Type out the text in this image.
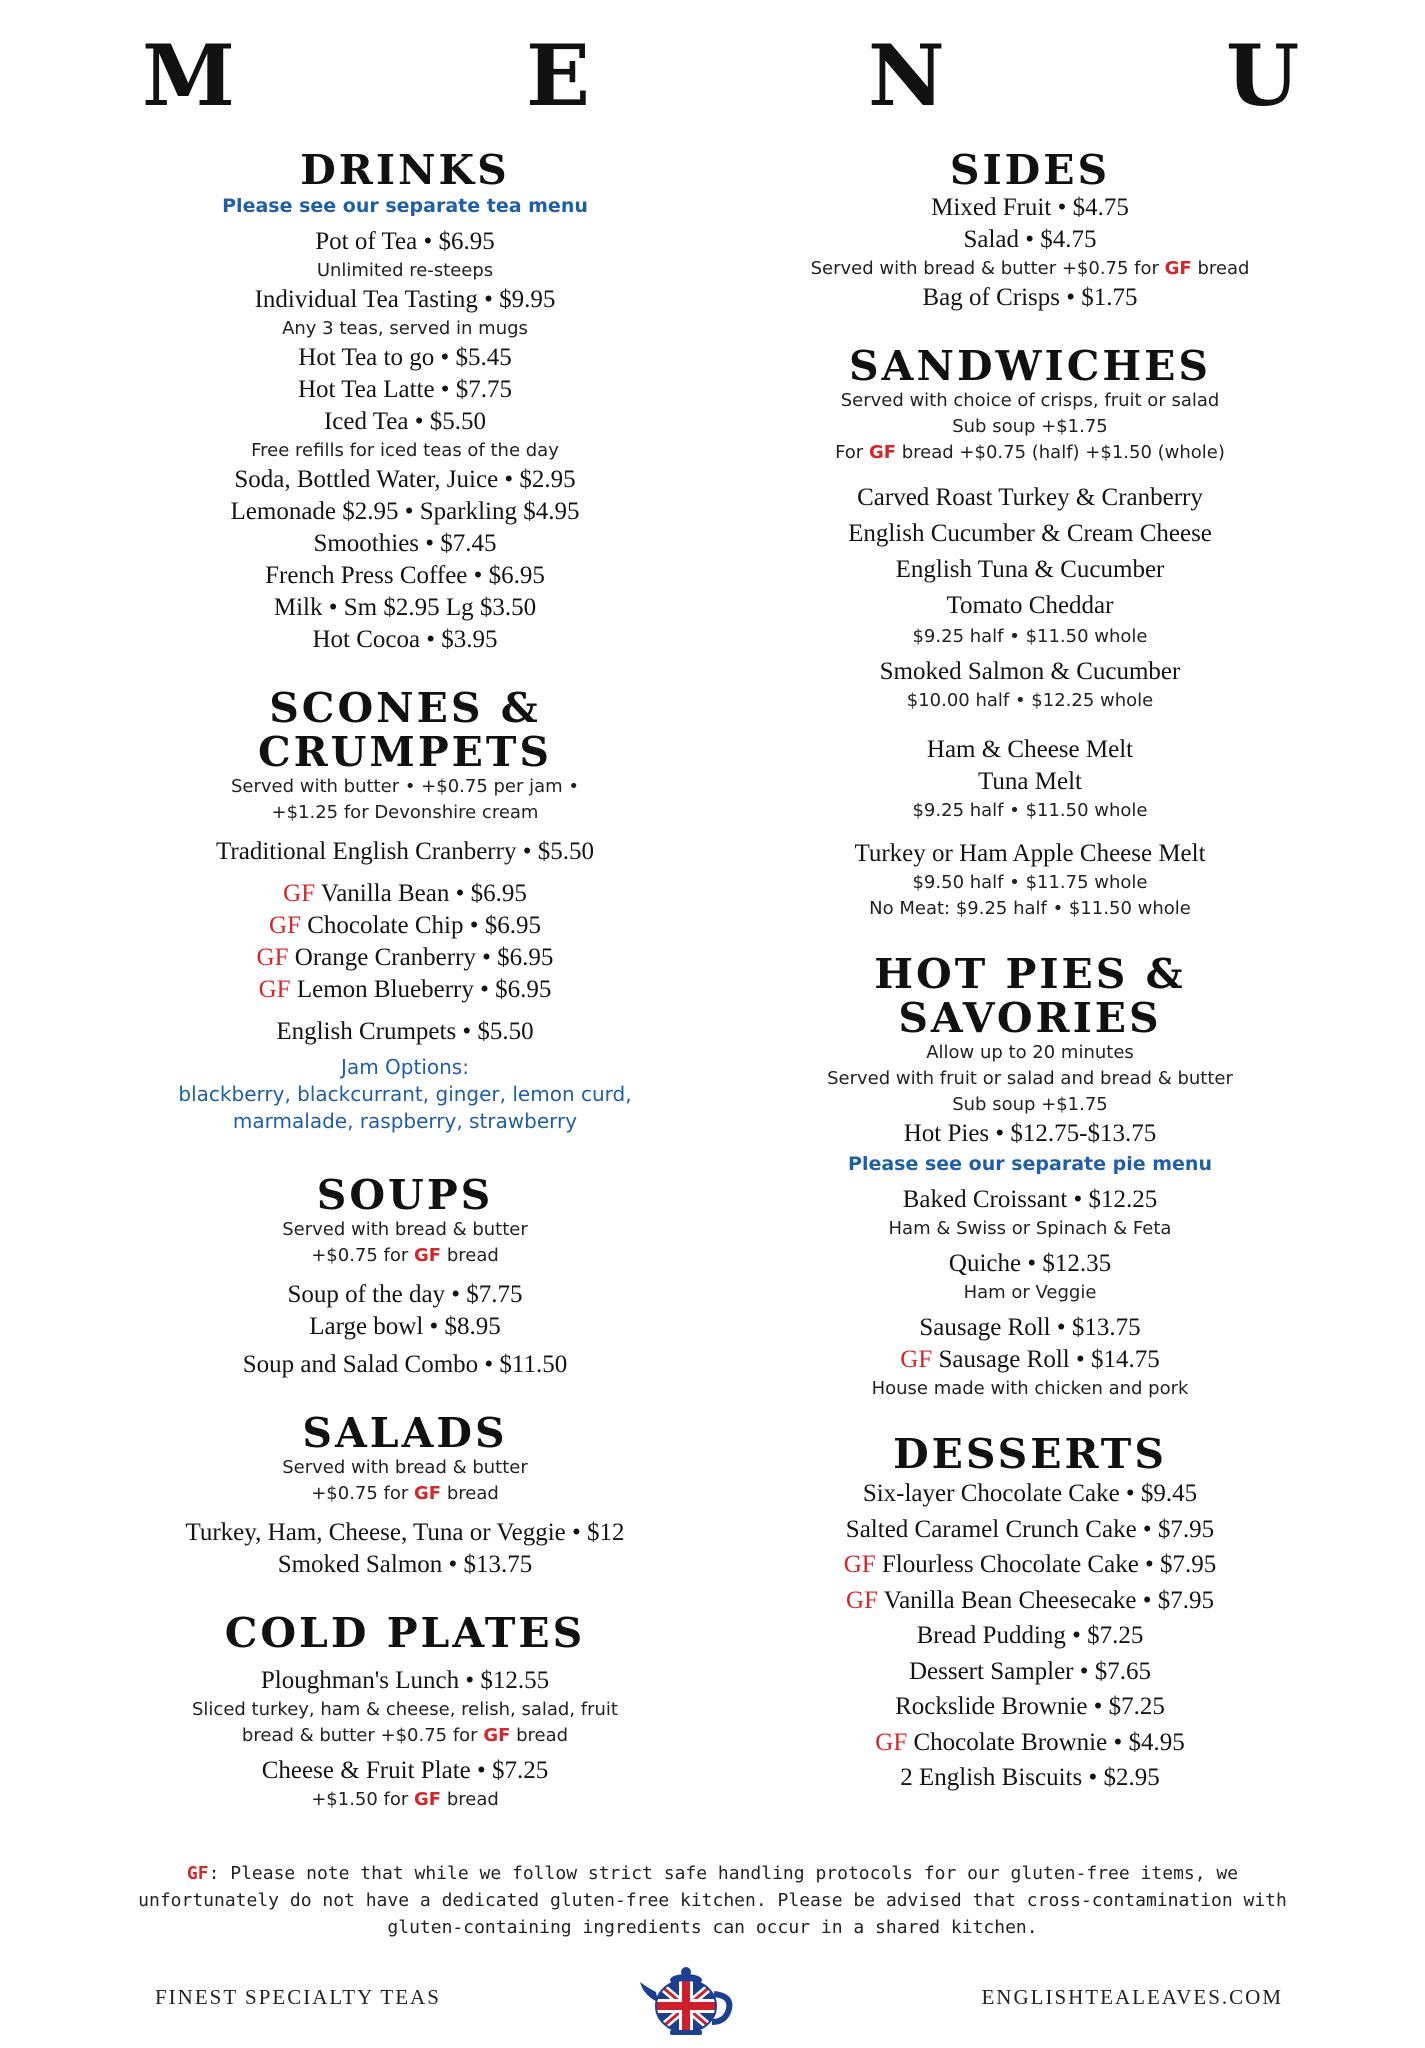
M	E	N	U
DRINKS
Please see our separate tea menu
Pot of Tea • $6.95
Unlimited re-steeps
Individual Tea Tasting • $9.95
Any 3 teas, served in mugs
Hot Tea to go • $5.45
Hot Tea Latte • $7.75
Iced Tea • $5.50
Free refills for iced teas of the day
Soda, Bottled Water, Juice • $2.95
Lemonade $2.95 • Sparkling $4.95
Smoothies • $7.45
French Press Coffee • $6.95
Milk • Sm $2.95 Lg $3.50
Hot Cocoa • $3.95
SCONES & CRUMPETS
Served with butter • +$0.75 per jam •
+$1.25 for Devonshire cream
Traditional English Cranberry • $5.50
GF Vanilla Bean • $6.95
GF Chocolate Chip • $6.95
GF Orange Cranberry • $6.95
GF Lemon Blueberry • $6.95
English Crumpets • $5.50
Jam Options:
blackberry, blackcurrant, ginger, lemon curd,
marmalade, raspberry, strawberry
SOUPS
Served with bread & butter
+$0.75 for GF bread
Soup of the day • $7.75
Large bowl • $8.95
Soup and Salad Combo • $11.50
SALADS
Served with bread & butter
+$0.75 for GF bread
Turkey, Ham, Cheese, Tuna or Veggie • $12
Smoked Salmon • $13.75
COLD PLATES
Ploughman's Lunch • $12.55
Sliced turkey, ham & cheese, relish, salad, fruit
bread & butter +$0.75 for GF bread
Cheese & Fruit Plate • $7.25
+$1.50 for GF bread
SIDES
Mixed Fruit • $4.75
Salad • $4.75
Served with bread & butter +$0.75 for GF bread
Bag of Crisps • $1.75
SANDWICHES
Served with choice of crisps, fruit or salad
Sub soup +$1.75
For GF bread +$0.75 (half) +$1.50 (whole)
Carved Roast Turkey & Cranberry
English Cucumber & Cream Cheese
English Tuna & Cucumber
Tomato Cheddar
$9.25 half • $11.50 whole
Smoked Salmon & Cucumber
$10.00 half • $12.25 whole
Ham & Cheese Melt
Tuna Melt
$9.25 half • $11.50 whole
Turkey or Ham Apple Cheese Melt
$9.50 half • $11.75 whole
No Meat: $9.25 half • $11.50 whole
HOT PIES & SAVORIES
Allow up to 20 minutes
Served with fruit or salad and bread & butter
Sub soup +$1.75
Hot Pies • $12.75-$13.75
Please see our separate pie menu
Baked Croissant • $12.25
Ham & Swiss or Spinach & Feta
Quiche • $12.35
Ham or Veggie
Sausage Roll • $13.75
GF Sausage Roll • $14.75
House made with chicken and pork
DESSERTS
Six-layer Chocolate Cake • $9.45
Salted Caramel Crunch Cake • $7.95
GF Flourless Chocolate Cake • $7.95
GF Vanilla Bean Cheesecake • $7.95
Bread Pudding • $7.25
Dessert Sampler • $7.65
Rockslide Brownie • $7.25
GF Chocolate Brownie • $4.95
2 English Biscuits • $2.95
GF: Please note that while we follow strict safe handling protocols for our gluten-free items, we
unfortunately do not have a dedicated gluten-free kitchen. Please be advised that cross-contamination with
gluten-containing ingredients can occur in a shared kitchen.
FINEST SPECIALTY TEAS	ENGLISHTEALEAVES.COM
